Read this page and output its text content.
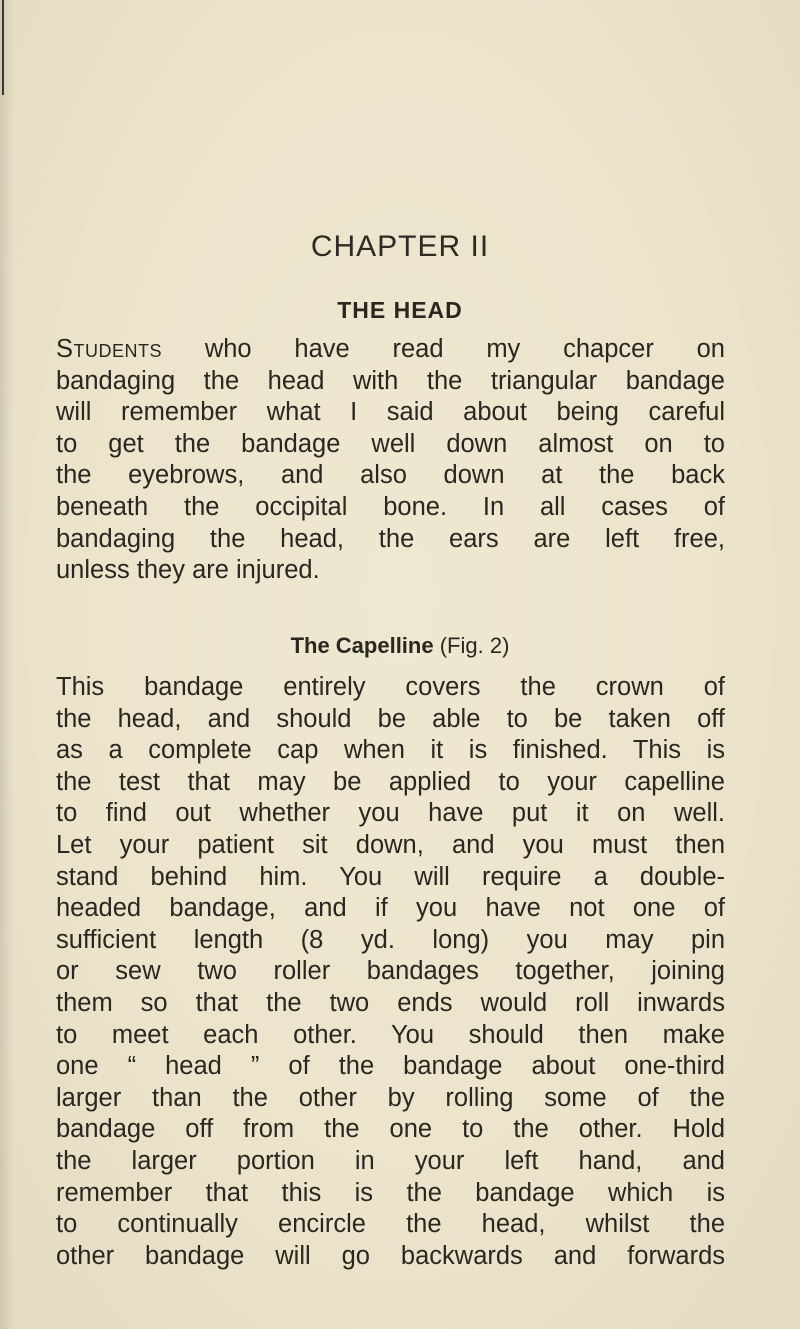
CHAPTER II
THE HEAD
Students who have read my chapcer on
bandaging the head with the triangular bandage
will remember what I said about being careful
to get the bandage well down almost on to
the eyebrows, and also down at the back
beneath the occipital bone. In all cases of
bandaging the head, the ears are left free,
unless they are injured.
The Capelline (Fig. 2)
This bandage entirely covers the crown of
the head, and should be able to be taken off
as a complete cap when it is finished. This is
the test that may be applied to your capelline
to find out whether you have put it on well.
Let your patient sit down, and you must then
stand behind him. You will require a double-
headed bandage, and if you have not one of
sufficient length (8 yd. long) you may pin
or sew two roller bandages together, joining
them so that the two ends would roll inwards
to meet each other. You should then make
one “ head ” of the bandage about one-third
larger than the other by rolling some of the
bandage off from the one to the other. Hold
the larger portion in your left hand, and
remember that this is the bandage which is
to continually encircle the head, whilst the
other bandage will go backwards and forwards
